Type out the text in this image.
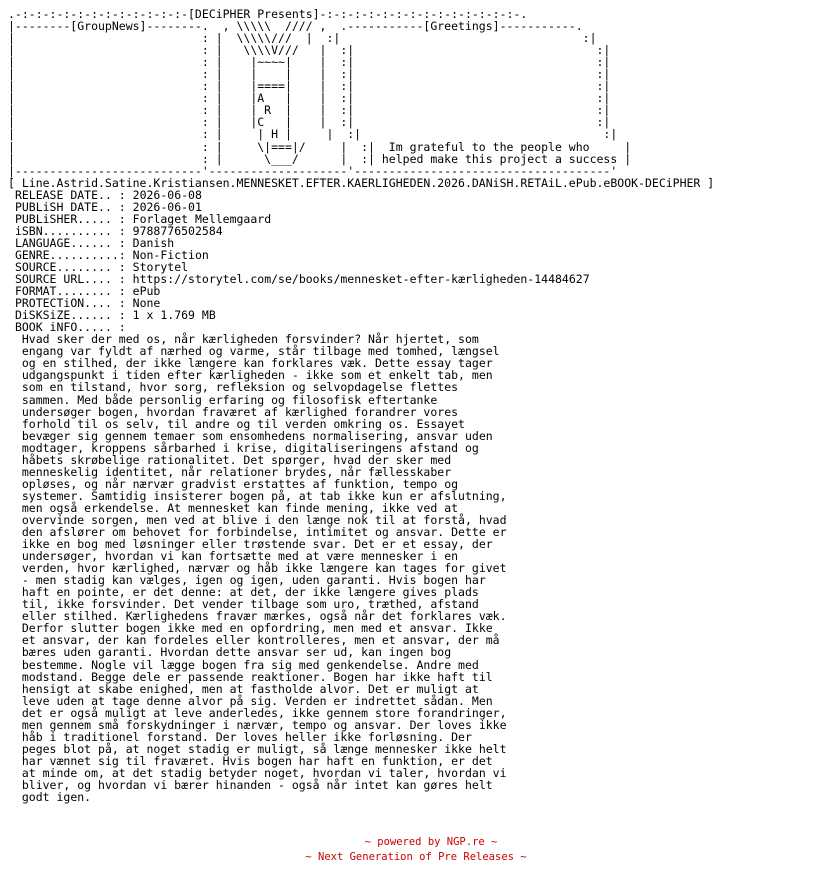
.-:-:-:-:-:-:-:-:-:-:-:-:-[DECiPHER Presents]-:-:-:-:-:-:-:-:-:-:-:-:-:-:-.
|--------[GroupNews]--------.  , \\\\\  //// ,  .-----------[Greetings]-----------.
|                           : |  \\\\\///  |  :|                                   :|
|                           : |   \\\\V///   |  :|                                   :|
|                           : |    |~~~~|    |  :|                                   :|
|                           : |    |    |    |  :|                                   :|
|                           : |    |====|    |  :|                                   :|
|                           : |    |A   |    |  :|                                   :|
|                           : |    | R  |    |  :|                                   :|
|                           : |    |C   |    |  :|                                   :|
|                           : |     | H |     |  :|                                   :|
|                           : |     \|===|/     |  :|  Im grateful to the people who     |
|                           : |      \___/      |  :| helped make this project a success |
|---------------------------'--------------------'-------------------------------------'
[ Line.Astrid.Satine.Kristiansen.MENNESKET.EFTER.KAERLIGHEDEN.2026.DANiSH.RETAiL.ePub.eBOOK-DECiPHER ]
RELEASE DATE.. : 2026-06-08
PUBLiSH DATE.. : 2026-06-01
PUBLiSHER..... : Forlaget Mellemgaard
iSBN.......... : 9788776502584
LANGUAGE...... : Danish
GENRE..........: Non-Fiction
SOURCE........ : Storytel
SOURCE URL.... : https://storytel.com/se/books/mennesket-efter-kærligheden-14484627
FORMAT........ : ePub
PROTECTiON.... : None
DiSKSiZE...... : 1 x 1.769 MB
BOOK iNFO..... :
Hvad sker der med os, når kærligheden forsvinder? Når hjertet, som
engang var fyldt af nærhed og varme, står tilbage med tomhed, længsel
og en stilhed, der ikke længere kan forklares væk. Dette essay tager
udgangspunkt i tiden efter kærligheden - ikke som et enkelt tab, men
som en tilstand, hvor sorg, refleksion og selvopdagelse flettes
sammen. Med både personlig erfaring og filosofisk eftertanke
undersøger bogen, hvordan fraværet af kærlighed forandrer vores
forhold til os selv, til andre og til verden omkring os. Essayet
bevæger sig gennem temaer som ensomhedens normalisering, ansvar uden
modtager, kroppens sårbarhed i krise, digitaliseringens afstand og
håbets skrøbelige rationalitet. Det spørger, hvad der sker med
menneskelig identitet, når relationer brydes, når fællesskaber
opløses, og når nærvær gradvist erstattes af funktion, tempo og
systemer. Samtidig insisterer bogen på, at tab ikke kun er afslutning,
men også erkendelse. At mennesket kan finde mening, ikke ved at
overvinde sorgen, men ved at blive i den længe nok til at forstå, hvad
den afslører om behovet for forbindelse, intimitet og ansvar. Dette er
ikke en bog med løsninger eller trøstende svar. Det er et essay, der
undersøger, hvordan vi kan fortsætte med at være mennesker i en
verden, hvor kærlighed, nærvær og håb ikke længere kan tages for givet
- men stadig kan vælges, igen og igen, uden garanti. Hvis bogen har
haft en pointe, er det denne: at det, der ikke længere gives plads
til, ikke forsvinder. Det vender tilbage som uro, træthed, afstand
eller stilhed. Kærlighedens fravær mærkes, også når det forklares væk.
Derfor slutter bogen ikke med en opfordring, men med et ansvar. Ikke
et ansvar, der kan fordeles eller kontrolleres, men et ansvar, der må
bæres uden garanti. Hvordan dette ansvar ser ud, kan ingen bog
bestemme. Nogle vil lægge bogen fra sig med genkendelse. Andre med
modstand. Begge dele er passende reaktioner. Bogen har ikke haft til
hensigt at skabe enighed, men at fastholde alvor. Det er muligt at
leve uden at tage denne alvor på sig. Verden er indrettet sådan. Men
det er også muligt at leve anderledes, ikke gennem store forandringer,
men gennem små forskydninger i nærvær, tempo og ansvar. Der loves ikke
håb i traditionel forstand. Der loves heller ikke forløsning. Der
peges blot på, at noget stadig er muligt, så længe mennesker ikke helt
har vænnet sig til fraværet. Hvis bogen har haft en funktion, er det
at minde om, at det stadig betyder noget, hvordan vi taler, hvordan vi
bliver, og hvordan vi bærer hinanden - også når intet kan gøres helt
godt igen.
~ powered by NGP.re ~
~ Next Generation of Pre Releases ~
